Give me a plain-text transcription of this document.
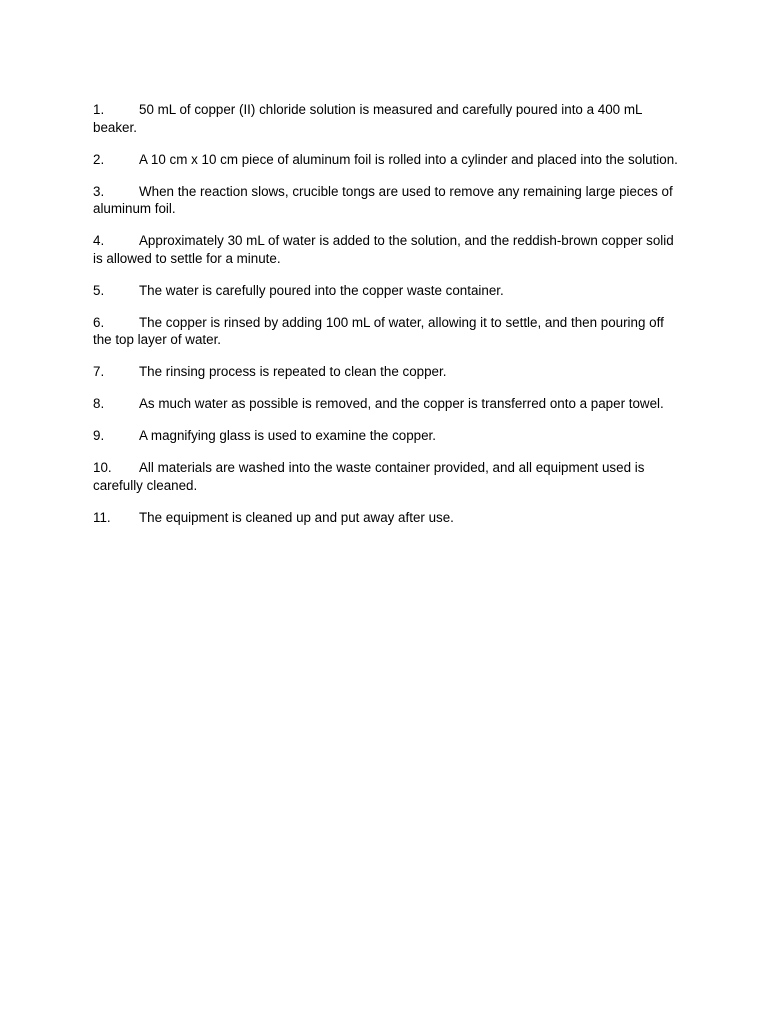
1.	50 mL of copper (II) chloride solution is measured and carefully poured into a 400 mL beaker.
2.	A 10 cm x 10 cm piece of aluminum foil is rolled into a cylinder and placed into the solution.
3.	When the reaction slows, crucible tongs are used to remove any remaining large pieces of aluminum foil.
4.	Approximately 30 mL of water is added to the solution, and the reddish-brown copper solid is allowed to settle for a minute.
5.	The water is carefully poured into the copper waste container.
6.	The copper is rinsed by adding 100 mL of water, allowing it to settle, and then pouring off the top layer of water.
7.	The rinsing process is repeated to clean the copper.
8.	As much water as possible is removed, and the copper is transferred onto a paper towel.
9.	A magnifying glass is used to examine the copper.
10. All materials are washed into the waste container provided, and all equipment used is carefully cleaned.
11. The equipment is cleaned up and put away after use.
